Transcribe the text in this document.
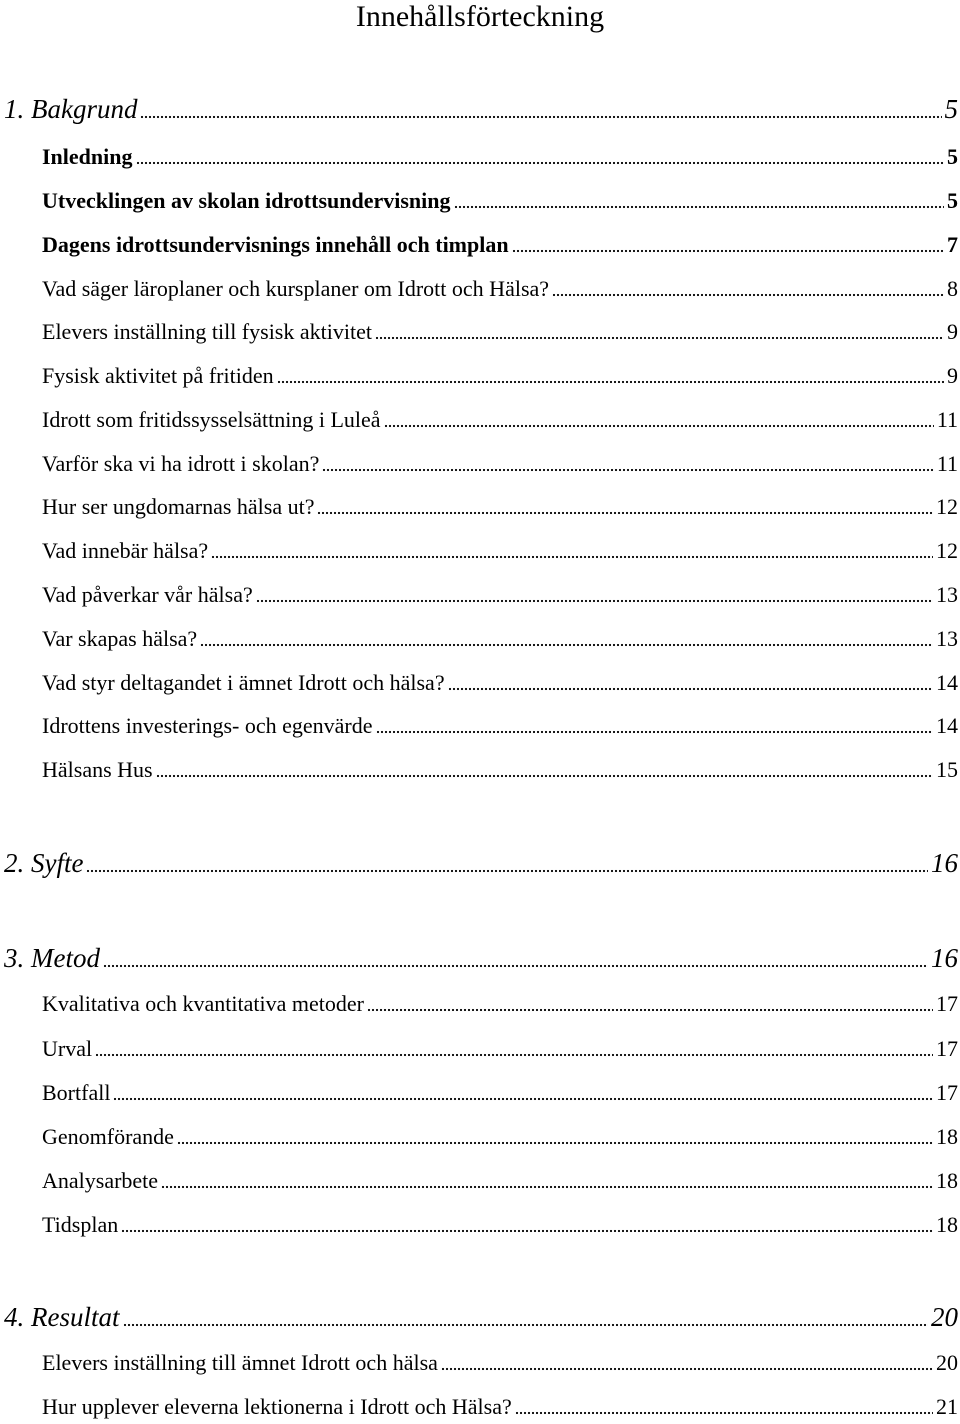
Innehållsförteckning
1. Bakgrund	5
Inledning	5
Utvecklingen av skolan idrottsundervisning	5
Dagens idrottsundervisnings innehåll och timplan	7
Vad säger läroplaner och kursplaner om Idrott och Hälsa?	8
Elevers inställning till fysisk aktivitet	9
Fysisk aktivitet på fritiden	9
Idrott som fritidssysselsättning i Luleå	11
Varför ska vi ha idrott i skolan?	11
Hur ser ungdomarnas hälsa ut?	12
Vad innebär hälsa?	12
Vad påverkar vår hälsa?	13
Var skapas hälsa?	13
Vad styr deltagandet i ämnet Idrott och hälsa?	14
Idrottens investerings- och egenvärde	14
Hälsans Hus	15
2. Syfte	16
3. Metod	16
Kvalitativa och kvantitativa metoder	17
Urval	17
Bortfall	17
Genomförande	18
Analysarbete	18
Tidsplan	18
4. Resultat	20
Elevers inställning till ämnet Idrott och hälsa	20
Hur upplever eleverna lektionerna i Idrott och Hälsa?	21
